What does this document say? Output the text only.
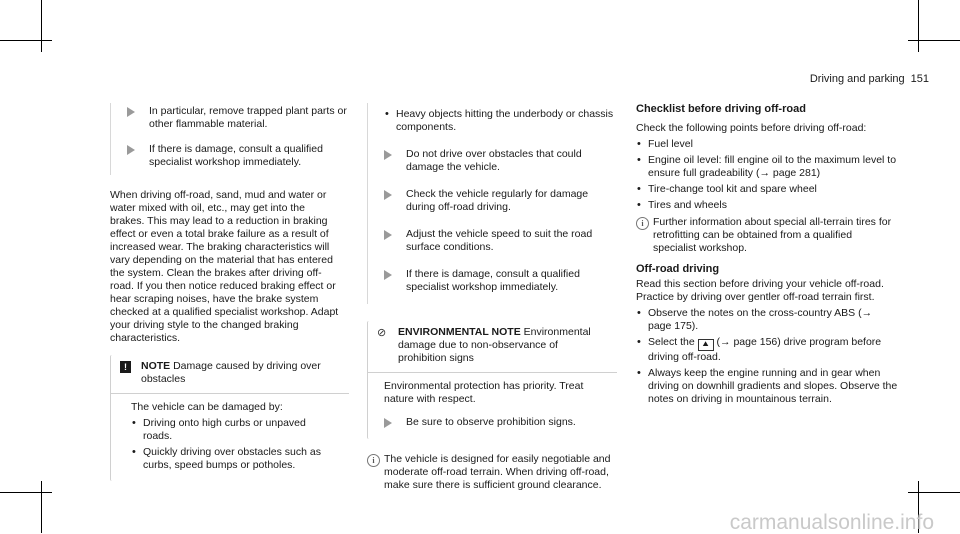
Driving and parking 151
In particular, remove trapped plant parts or other flammable material.
If there is damage, consult a qualified specialist workshop immediately.

When driving off-road, sand, mud and water or water mixed with oil, etc., may get into the brakes. This may lead to a reduction in braking effect or even a total brake failure as a result of increased wear. The braking characteristics will vary depending on the material that has entered the system. Clean the brakes after driving off-road. If you then notice reduced braking effect or hear scraping noises, have the brake system checked at a qualified specialist workshop. Adapt your driving style to the changed braking characteristics.

!	NOTE Damage caused by driving over obstacles

The vehicle can be damaged by:

• Driving onto high curbs or unpaved roads.
• Quickly driving over obstacles such as curbs, speed bumps or potholes.
• Heavy objects hitting the underbody or chassis components.
Do not drive over obstacles that could damage the vehicle.
Check the vehicle regularly for damage during off-road driving.
Adjust the vehicle speed to suit the road surface conditions.
If there is damage, consult a qualified specialist workshop immediately.
⊘ ENVIRONMENTAL NOTE Environmental damage due to non-observance of prohibition signs

Environmental protection has priority. Treat nature with respect.

Be sure to observe prohibition signs.
i The vehicle is designed for easily negotiable and moderate off-road terrain. When driving off-road, make sure there is sufficient ground clearance.
Checklist before driving off-road

Check the following points before driving off-road:

• Fuel level
• Engine oil level: fill engine oil to the maximum level to ensure full gradeability (→ page 281)
• Tire-change tool kit and spare wheel
• Tires and wheels
i Further information about special all-terrain tires for retrofitting can be obtained from a qualified specialist workshop.
Off-road driving

Read this section before driving your vehicle off-road. Practice by driving over gentler off-road terrain first.

• Observe the notes on the cross-country ABS (→ page 175).
• Select the ⛰ (→ page 156) drive program before driving off-road.
• Always keep the engine running and in gear when driving on downhill gradients and slopes. Observe the notes on driving in mountainous terrain.
carmanualsonline.info
